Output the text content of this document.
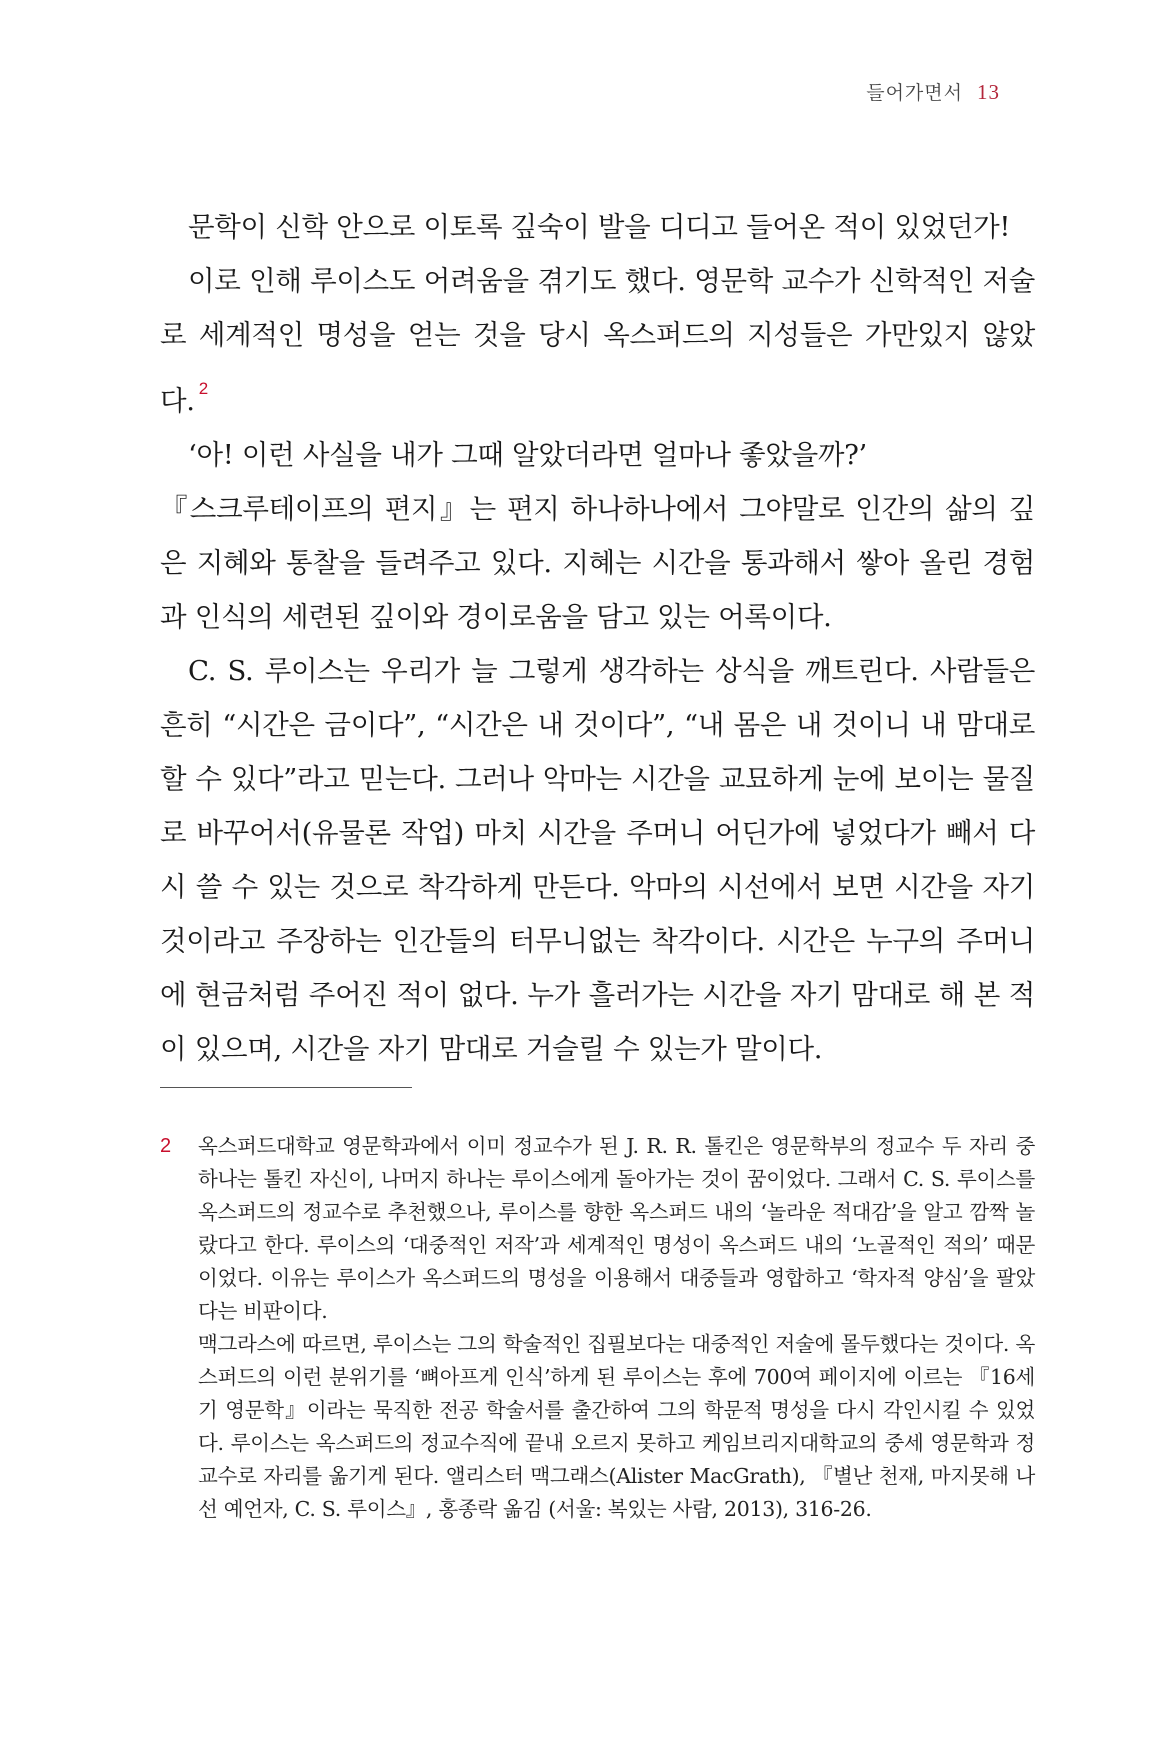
들어가면서 13

문학이 신학 안으로 이토록 깊숙이 발을 디디고 들어온 적이 있었던가!

이로 인해 루이스도 어려움을 겪기도 했다. 영문학 교수가 신학적인 저술로 세계적인 명성을 얻는 것을 당시 옥스퍼드의 지성들은 가만있지 않았다. $^2$

‘아! 이런 사실을 내가 그때 알았더라면 얼마나 좋았을까?’

『스크루테이프의 편지』는 편지 하나하나에서 그야말로 인간의 삶의 깊은 지혜와 통찰을 들려주고 있다. 지혜는 시간을 통과해서 쌓아 올린 경험과 인식의 세련된 깊이와 경이로움을 담고 있는 어록이다.

C. S. 루이스는 우리가 늘 그렇게 생각하는 상식을 깨트린다. 사람들은 흔히 “시간은 금이다”, “시간은 내 것이다”, “내 몸은 내 것이니 내 맘대로 할 수 있다”라고 믿는다. 그러나 악마는 시간을 교묘하게 눈에 보이는 물질로 바꾸어서(유물론 작업) 마치 시간을 주머니 어딘가에 넣었다가 빼서 다시 쓸 수 있는 것으로 착각하게 만든다. 악마의 시선에서 보면 시간을 자기 것이라고 주장하는 인간들의 터무니없는 착각이다. 시간은 누구의 주머니에 현금처럼 주어진 적이 없다. 누가 흘러가는 시간을 자기 맘대로 해 본 적이 있으며, 시간을 자기 맘대로 거슬릴 수 있는가 말이다.

2 옥스퍼드대학교 영문학과에서 이미 정교수가 된 J. R. R. 톨킨은 영문학부의 정교수 두 자리 중 하나는 톨킨 자신이, 나머지 하나는 루이스에게 돌아가는 것이 꿈이었다. 그래서 C. S. 루이스를 옥스퍼드의 정교수로 추천했으나, 루이스를 향한 옥스퍼드 내의 ‘놀라운 적대감’을 알고 깜짝 놀랐다고 한다. 루이스의 ‘대중적인 저작’과 세계적인 명성이 옥스퍼드 내의 ‘노골적인 적의’ 때문이었다. 이유는 루이스가 옥스퍼드의 명성을 이용해서 대중들과 영합하고 ‘학자적 양심’을 팔았다는 비판이다.

맥그라스에 따르면, 루이스는 그의 학술적인 집필보다는 대중적인 저술에 몰두했다는 것이다. 옥스퍼드의 이런 분위기를 ‘뼈아프게 인식’하게 된 루이스는 후에 700여 페이지에 이르는 『16세기 영문학』이라는 묵직한 전공 학술서를 출간하여 그의 학문적 명성을 다시 각인시킬 수 있었다. 루이스는 옥스퍼드의 정교수직에 끝내 오르지 못하고 케임브리지대학교의 중세 영문학과 정교수로 자리를 옮기게 된다. 앨리스터 맥그래스(Alister MacGrath), 『별난 천재, 마지못해 나선 예언자, C. S. 루이스』, 홍종락 옮김 (서울: 복있는 사람, 2013), 316-26.
